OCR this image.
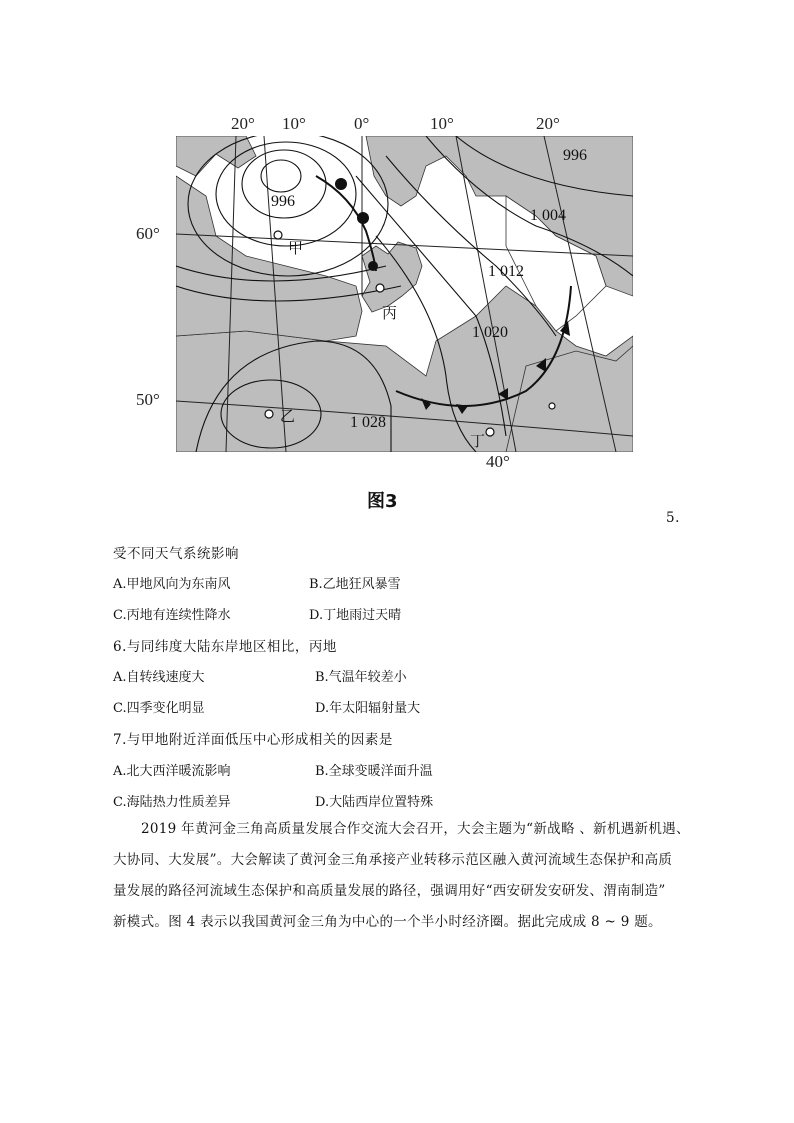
20° 10°	0°	10°	20°
40°
60°
50°
996
996
1 004
1 012
1 020
1 028
甲
乙
丙
丁
图3
5.
受不同天气系统影响
A.甲地风向为东南风	B.乙地狂风暴雪
C.丙地有连续性降水	D.丁地雨过天晴
6.与同纬度大陆东岸地区相比，丙地
A.自转线速度大	B.气温年较差小
C.四季变化明显	D.年太阳辐射量大
7.与甲地附近洋面低压中心形成相关的因素是
A.北大西洋暖流影响	B.全球变暖洋面升温
C.海陆热力性质差异	D.大陆西岸位置特殊
2019 年黄河金三角高质量发展合作交流大会召开，大会主题为“新战略 、新机遇新机遇、
大协同、大发展”。大会解读了黄河金三角承接产业转移示范区融入黄河流域生态保护和高质
量发展的路径河流域生态保护和高质量发展的路径，强调用好“西安研发安研发、渭南制造”
新模式。图 4 表示以我国黄河金三角为中心的一个半小时经济圈。据此完成成 8 ~ 9 题。
